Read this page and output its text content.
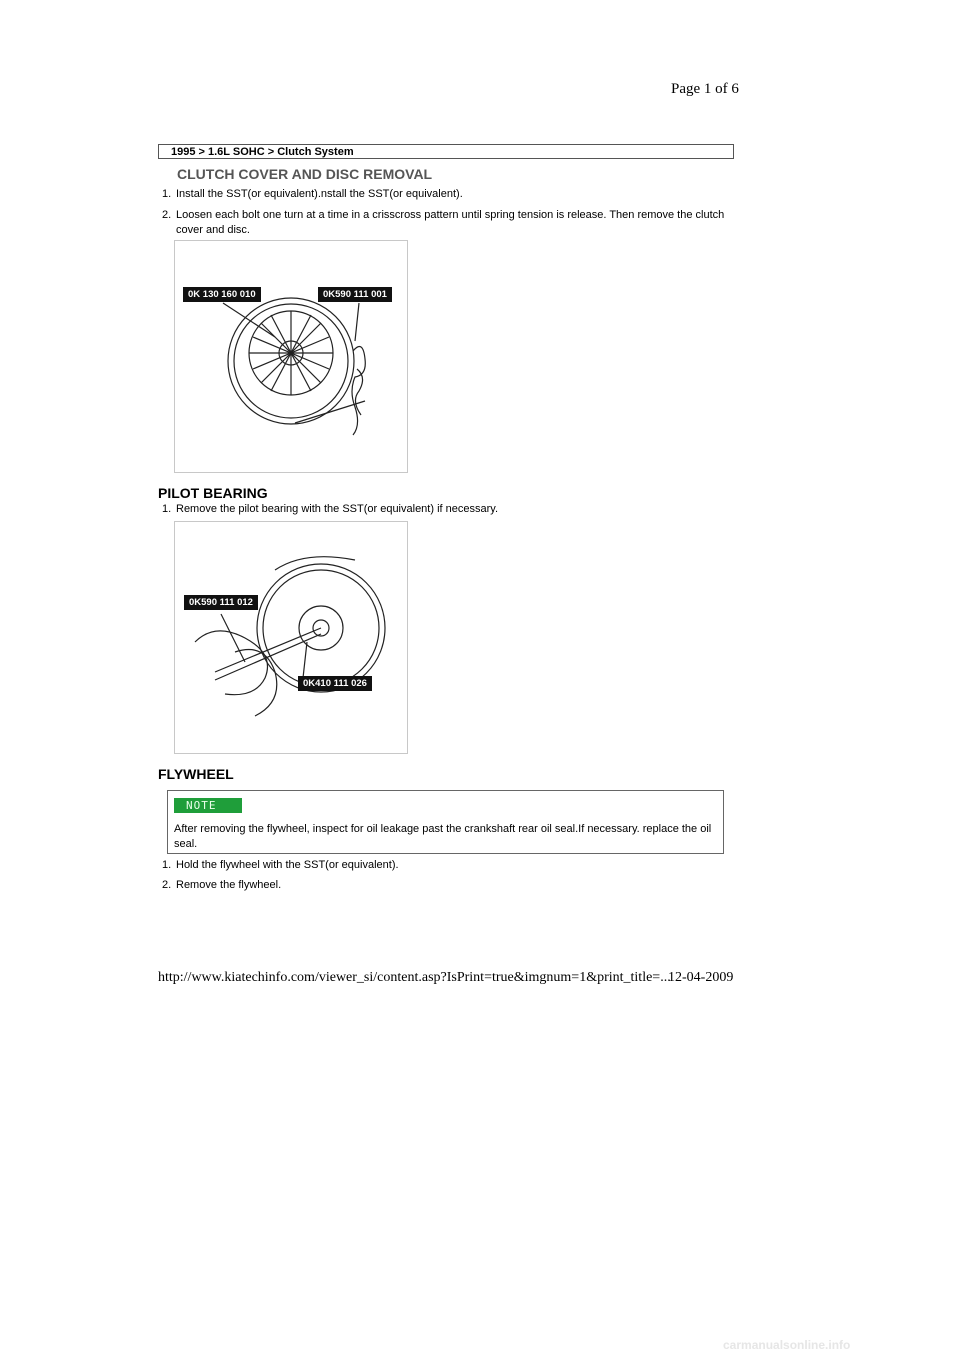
Page 1 of 6
1995 > 1.6L SOHC > Clutch System
CLUTCH COVER AND DISC REMOVAL
1. Install the SST(or equivalent).nstall the SST(or equivalent).
2. Loosen each bolt one turn at a time in a crisscross pattern until spring tension is release. Then remove the clutch cover and disc.
0K 130 160 010	0K590 111 001
PILOT BEARING
1. Remove the pilot bearing with the SST(or equivalent) if necessary.
0K590 111 012
0K410 111 026
FLYWHEEL
NOTE
After removing the flywheel, inspect for oil leakage past the crankshaft rear oil seal.If necessary. replace the oil seal.
1. Hold the flywheel with the SST(or equivalent).
2. Remove the flywheel.
http://www.kiatechinfo.com/viewer_si/content.asp?IsPrint=true&imgnum=1&print_title=...
12-04-2009
carmanualsonline.info
